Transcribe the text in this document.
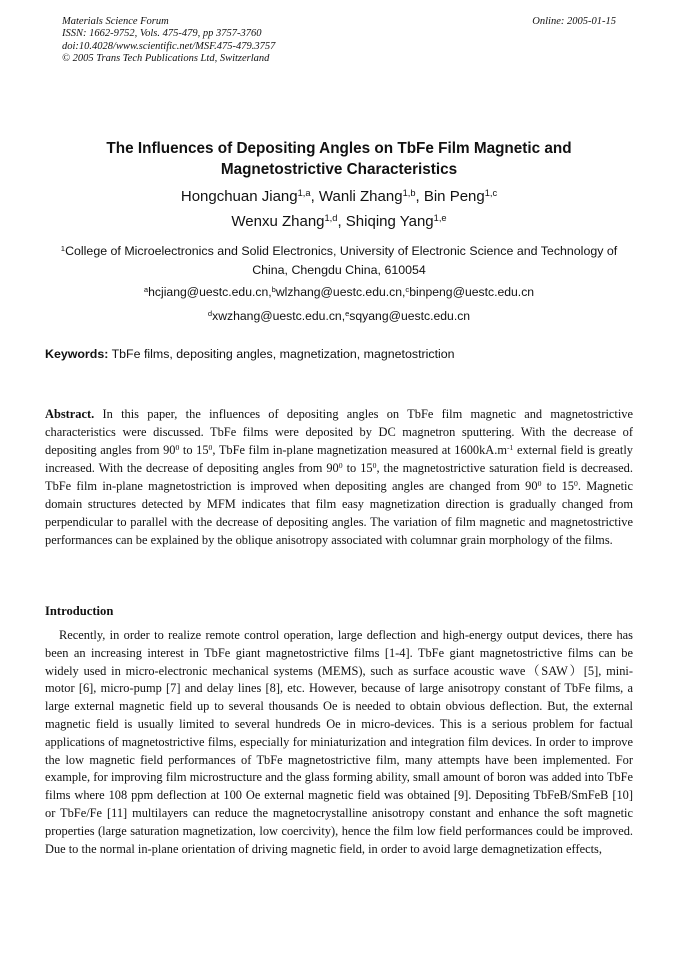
Materials Science Forum
ISSN: 1662-9752, Vols. 475-479, pp 3757-3760
doi:10.4028/www.scientific.net/MSF.475-479.3757
© 2005 Trans Tech Publications Ltd, Switzerland
Online: 2005-01-15
The Influences of Depositing Angles on TbFe Film Magnetic and Magnetostrictive Characteristics
Hongchuan Jiang$^{1,a}$, Wanli Zhang$^{1,b}$, Bin Peng$^{1,c}$
Wenxu Zhang$^{1,d}$, Shiqing Yang$^{1,e}$
$^1$College of Microelectronics and Solid Electronics, University of Electronic Science and Technology of China, Chengdu China, 610054
$^a$hcjiang@uestc.edu.cn,$^b$wlzhang@uestc.edu.cn,$^c$binpeng@uestc.edu.cn
$^d$xwzhang@uestc.edu.cn,$^e$sqyang@uestc.edu.cn
Keywords: TbFe films, depositing angles, magnetization, magnetostriction

Abstract. In this paper, the influences of depositing angles on TbFe film magnetic and magnetostrictive characteristics were discussed. TbFe films were deposited by DC magnetron sputtering. With the decrease of depositing angles from $90^0$ to $15^0$, TbFe film in-plane magnetization measured at $1600kA.m^{-1}$ external field is greatly increased. With the decrease of depositing angles from $90^0$ to $15^0$, the magnetostrictive saturation field is decreased. TbFe film in-plane magnetostriction is improved when depositing angles are changed from $90^0$ to $15^0$. Magnetic domain structures detected by MFM indicates that film easy magnetization direction is gradually changed from perpendicular to parallel with the decrease of depositing angles. The variation of film magnetic and magnetostrictive performances can be explained by the oblique anisotropy associated with columnar grain morphology of the films.

Introduction

Recently, in order to realize remote control operation, large deflection and high-energy output devices, there has been an increasing interest in TbFe giant magnetostrictive films [1-4]. TbFe giant magnetostrictive films can be widely used in micro-electronic mechanical systems (MEMS), such as surface acoustic wave（SAW）[5], mini-motor [6], micro-pump [7] and delay lines [8], etc. However, because of large anisotropy constant of TbFe films, a large external magnetic field up to several thousands Oe is needed to obtain obvious deflection. But, the external magnetic field is usually limited to several hundreds Oe in micro-devices. This is a serious problem for factual applications of magnetostrictive films, especially for miniaturization and integration film devices. In order to improve the low magnetic field performances of TbFe magnetostrictive film, many attempts have been implemented. For example, for improving film microstructure and the glass forming ability, small amount of boron was added into TbFe films where 108 ppm deflection at 100 Oe external magnetic field was obtained [9]. Depositing TbFeB/SmFeB [10] or TbFe/Fe [11] multilayers can reduce the magnetocrystalline anisotropy constant and enhance the soft magnetic properties (large saturation magnetization, low coercivity), hence the film low field performances could be improved. Due to the normal in-plane orientation of driving magnetic field, in order to avoid large demagnetization effects,
